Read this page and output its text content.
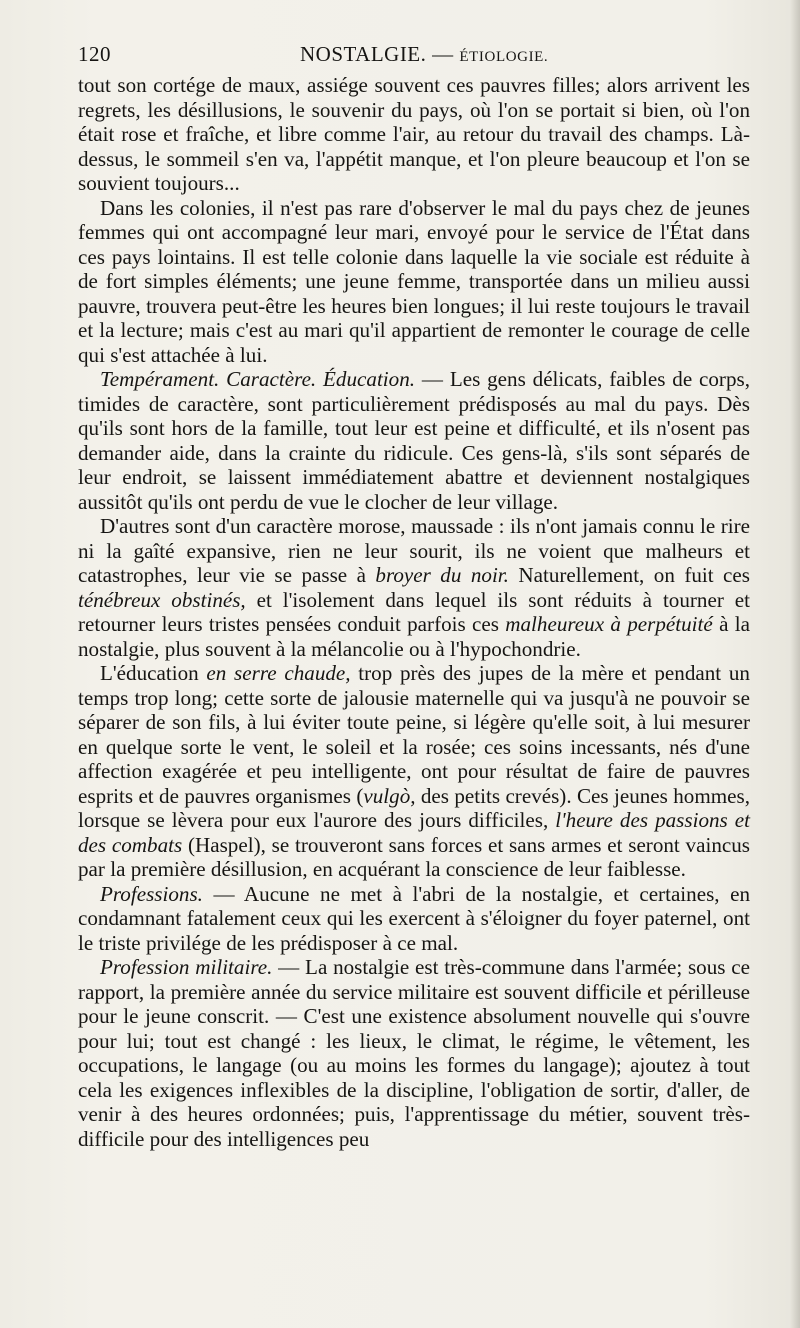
120	NOSTALGIE. — ÉTIOLOGIE.

tout son cortége de maux, assiége souvent ces pauvres filles; alors arrivent les regrets, les désillusions, le souvenir du pays, où l'on se portait si bien, où l'on était rose et fraîche, et libre comme l'air, au retour du travail des champs. Là-dessus, le sommeil s'en va, l'appétit manque, et l'on pleure beaucoup et l'on se souvient toujours...

Dans les colonies, il n'est pas rare d'observer le mal du pays chez de jeunes femmes qui ont accompagné leur mari, envoyé pour le service de l'État dans ces pays lointains. Il est telle colonie dans laquelle la vie sociale est réduite à de fort simples éléments; une jeune femme, transportée dans un milieu aussi pauvre, trouvera peut-être les heures bien longues; il lui reste toujours le travail et la lecture; mais c'est au mari qu'il appartient de remonter le courage de celle qui s'est attachée à lui.

Tempérament. Caractère. Éducation. — Les gens délicats, faibles de corps, timides de caractère, sont particulièrement prédisposés au mal du pays. Dès qu'ils sont hors de la famille, tout leur est peine et difficulté, et ils n'osent pas demander aide, dans la crainte du ridicule. Ces gens-là, s'ils sont séparés de leur endroit, se laissent immédiatement abattre et deviennent nostalgiques aussitôt qu'ils ont perdu de vue le clocher de leur village.

D'autres sont d'un caractère morose, maussade : ils n'ont jamais connu le rire ni la gaîté expansive, rien ne leur sourit, ils ne voient que malheurs et catastrophes, leur vie se passe à broyer du noir. Naturellement, on fuit ces ténébreux obstinés, et l'isolement dans lequel ils sont réduits à tourner et retourner leurs tristes pensées conduit parfois ces malheureux à perpétuité à la nostalgie, plus souvent à la mélancolie ou à l'hypochondrie.

L'éducation en serre chaude, trop près des jupes de la mère et pendant un temps trop long; cette sorte de jalousie maternelle qui va jusqu'à ne pouvoir se séparer de son fils, à lui éviter toute peine, si légère qu'elle soit, à lui mesurer en quelque sorte le vent, le soleil et la rosée; ces soins incessants, nés d'une affection exagérée et peu intelligente, ont pour résultat de faire de pauvres esprits et de pauvres organismes (vulgò, des petits crevés). Ces jeunes hommes, lorsque se lèvera pour eux l'aurore des jours difficiles, l'heure des passions et des combats (Haspel), se trouveront sans forces et sans armes et seront vaincus par la première désillusion, en acquérant la conscience de leur faiblesse.

Professions. — Aucune ne met à l'abri de la nostalgie, et certaines, en condamnant fatalement ceux qui les exercent à s'éloigner du foyer paternel, ont le triste privilége de les prédisposer à ce mal.

Profession militaire. — La nostalgie est très-commune dans l'armée; sous ce rapport, la première année du service militaire est souvent difficile et périlleuse pour le jeune conscrit. — C'est une existence absolument nouvelle qui s'ouvre pour lui; tout est changé : les lieux, le climat, le régime, le vêtement, les occupations, le langage (ou au moins les formes du langage); ajoutez à tout cela les exigences inflexibles de la discipline, l'obligation de sortir, d'aller, de venir à des heures ordonnées; puis, l'apprentissage du métier, souvent très-difficile pour des intelligences peu
